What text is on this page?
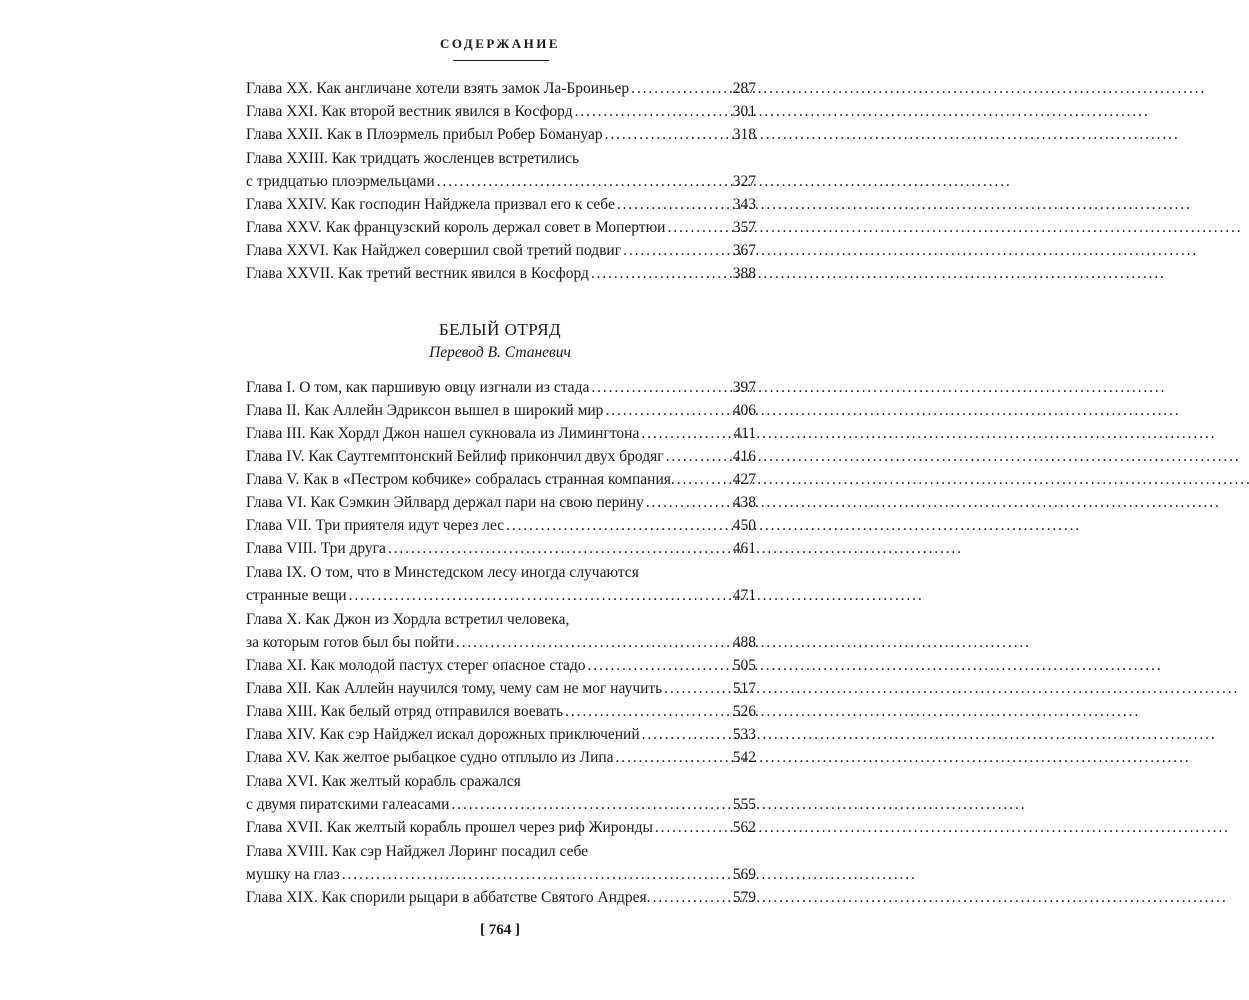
СОДЕРЖАНИЕ
Глава XX. Как англичане хотели взять замок Ла-Броиньер . . .	287
Глава XXI. Как второй вестник явился в Косфорд . . .	301
Глава XXII. Как в Плоэрмель прибыл Робер Бомануар . . .	318
Глава XXIII. Как тридцать жосленцев встретились
с тридцатью плоэрмельцами . . .	327
Глава XXIV. Как господин Найджела призвал его к себе . . .	343
Глава XXV. Как французский король держал совет в Мопертюи . . .	357
Глава XXVI. Как Найджел совершил свой третий подвиг . . .	367
Глава XXVII. Как третий вестник явился в Косфорд . . .	388
БЕЛЫЙ ОТРЯД
Перевод В. Станевич
Глава I. О том, как паршивую овцу изгнали из стада . . .	397
Глава II. Как Аллейн Эдриксон вышел в широкий мир . . .	406
Глава III. Как Хордл Джон нашел сукновала из Лимингтона . . .	411
Глава IV. Как Саутгемптонский Бейлиф прикончил двух бродяг . . .	416
Глава V. Как в «Пестром кобчике» собралась странная компания. . . .	427
Глава VI. Как Сэмкин Эйлвард держал пари на свою перину . . .	438
Глава VII. Три приятеля идут через лес . . .	450
Глава VIII. Три друга . . .	461
Глава IX. О том, что в Минстедском лесу иногда случаются
странные вещи . . .	471
Глава X. Как Джон из Хордла встретил человека,
за которым готов был бы пойти . . .	488
Глава XI. Как молодой пастух стерег опасное стадо . . .	505
Глава XII. Как Аллейн научился тому, чему сам не мог научить . . .	517
Глава XIII. Как белый отряд отправился воевать . . .	526
Глава XIV. Как сэр Найджел искал дорожных приключений . . .	533
Глава XV. Как желтое рыбацкое судно отплыло из Липа . . .	542
Глава XVI. Как желтый корабль сражался
с двумя пиратскими галеасами . . .	555
Глава XVII. Как желтый корабль прошел через риф Жиронды . . .	562
Глава XVIII. Как сэр Найджел Лоринг посадил себе
мушку на глаз . . .	569
Глава XIX. Как спорили рыцари в аббатстве Святого Андрея. . . .	579
[ 764 ]
